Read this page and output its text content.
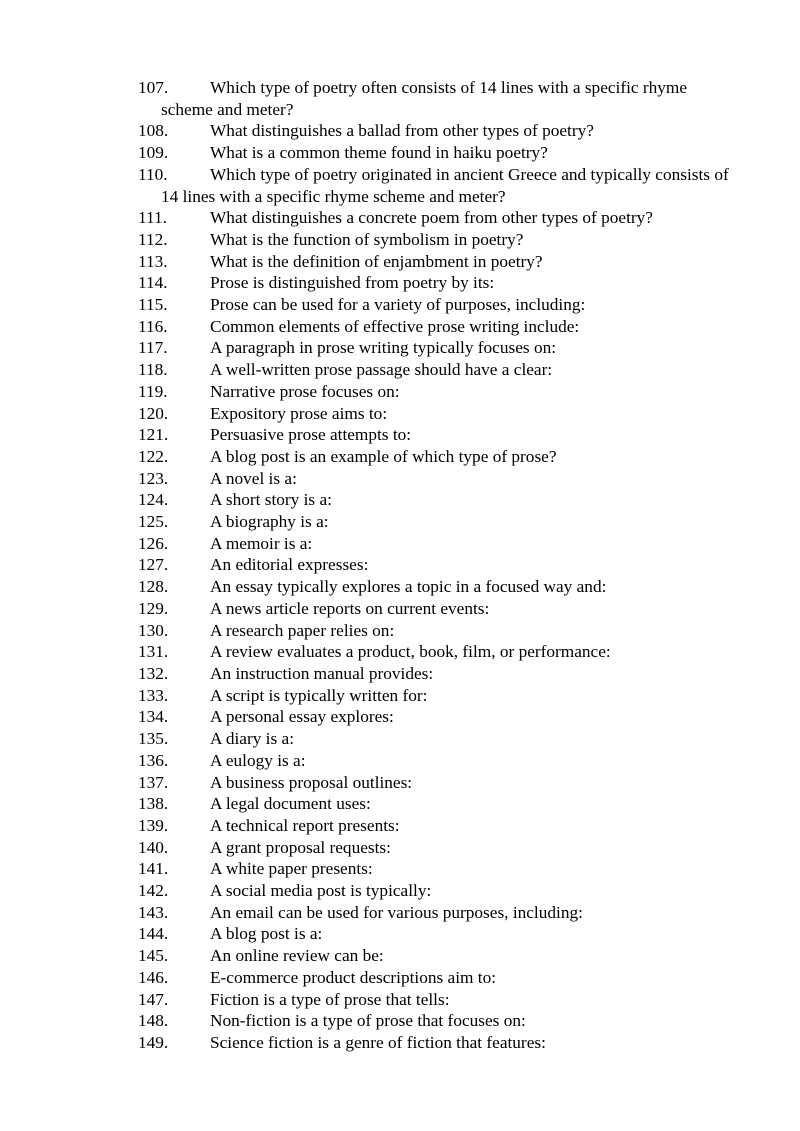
107. Which type of poetry often consists of 14 lines with a specific rhyme scheme and meter?
108. What distinguishes a ballad from other types of poetry?
109. What is a common theme found in haiku poetry?
110. Which type of poetry originated in ancient Greece and typically consists of 14 lines with a specific rhyme scheme and meter?
111. What distinguishes a concrete poem from other types of poetry?
112. What is the function of symbolism in poetry?
113. What is the definition of enjambment in poetry?
114. Prose is distinguished from poetry by its:
115. Prose can be used for a variety of purposes, including:
116. Common elements of effective prose writing include:
117. A paragraph in prose writing typically focuses on:
118. A well-written prose passage should have a clear:
119. Narrative prose focuses on:
120. Expository prose aims to:
121. Persuasive prose attempts to:
122. A blog post is an example of which type of prose?
123. A novel is a:
124. A short story is a:
125. A biography is a:
126. A memoir is a:
127. An editorial expresses:
128. An essay typically explores a topic in a focused way and:
129. A news article reports on current events:
130. A research paper relies on:
131. A review evaluates a product, book, film, or performance:
132. An instruction manual provides:
133. A script is typically written for:
134. A personal essay explores:
135. A diary is a:
136. A eulogy is a:
137. A business proposal outlines:
138. A legal document uses:
139. A technical report presents:
140. A grant proposal requests:
141. A white paper presents:
142. A social media post is typically:
143. An email can be used for various purposes, including:
144. A blog post is a:
145. An online review can be:
146. E-commerce product descriptions aim to:
147. Fiction is a type of prose that tells:
148. Non-fiction is a type of prose that focuses on:
149. Science fiction is a genre of fiction that features:
